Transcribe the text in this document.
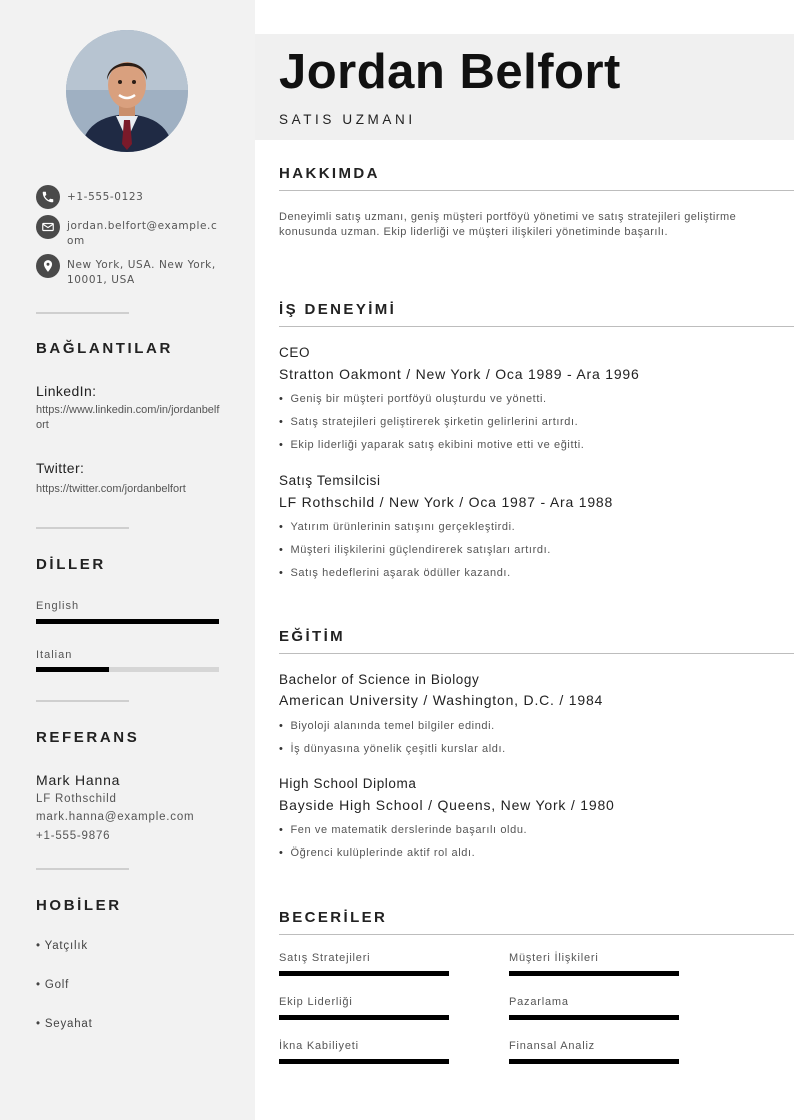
+1-555-0123
jordan.belfort@example.com
New York, USA. New York, 10001, USA
BAĞLANTILAR
LinkedIn:
https://www.linkedin.com/in/jordanbelfort
Twitter:
https://twitter.com/jordanbelfort
DİLLER
English
Italian
REFERANS
Mark Hanna
LF Rothschild
mark.hanna@example.com
+1-555-9876
HOBİLER
• Yatçılık
• Golf
• Seyahat
Jordan Belfort
SATIS UZMANI
HAKKIMDA
Deneyimli satış uzmanı, geniş müşteri portföyü yönetimi ve satış stratejileri geliştirme konusunda uzman. Ekip liderliği ve müşteri ilişkileri yönetiminde başarılı.
İŞ DENEYİMİ
CEO
Stratton Oakmont / New York / Oca 1989 - Ara 1996
• Geniş bir müşteri portföyü oluşturdu ve yönetti.
• Satış stratejileri geliştirerek şirketin gelirlerini artırdı.
• Ekip liderliği yaparak satış ekibini motive etti ve eğitti.
Satış Temsilcisi
LF Rothschild / New York / Oca 1987 - Ara 1988
• Yatırım ürünlerinin satışını gerçekleştirdi.
• Müşteri ilişkilerini güçlendirerek satışları artırdı.
• Satış hedeflerini aşarak ödüller kazandı.
EĞİTİM
Bachelor of Science in Biology
American University / Washington, D.C. / 1984
• Biyoloji alanında temel bilgiler edindi.
• İş dünyasına yönelik çeşitli kurslar aldı.
High School Diploma
Bayside High School / Queens, New York / 1980
• Fen ve matematik derslerinde başarılı oldu.
• Öğrenci kulüplerinde aktif rol aldı.
BECERİLER
Satış Stratejileri	Müşteri İlişkileri
Ekip Liderliği	Pazarlama
İkna Kabiliyeti	Finansal Analiz
